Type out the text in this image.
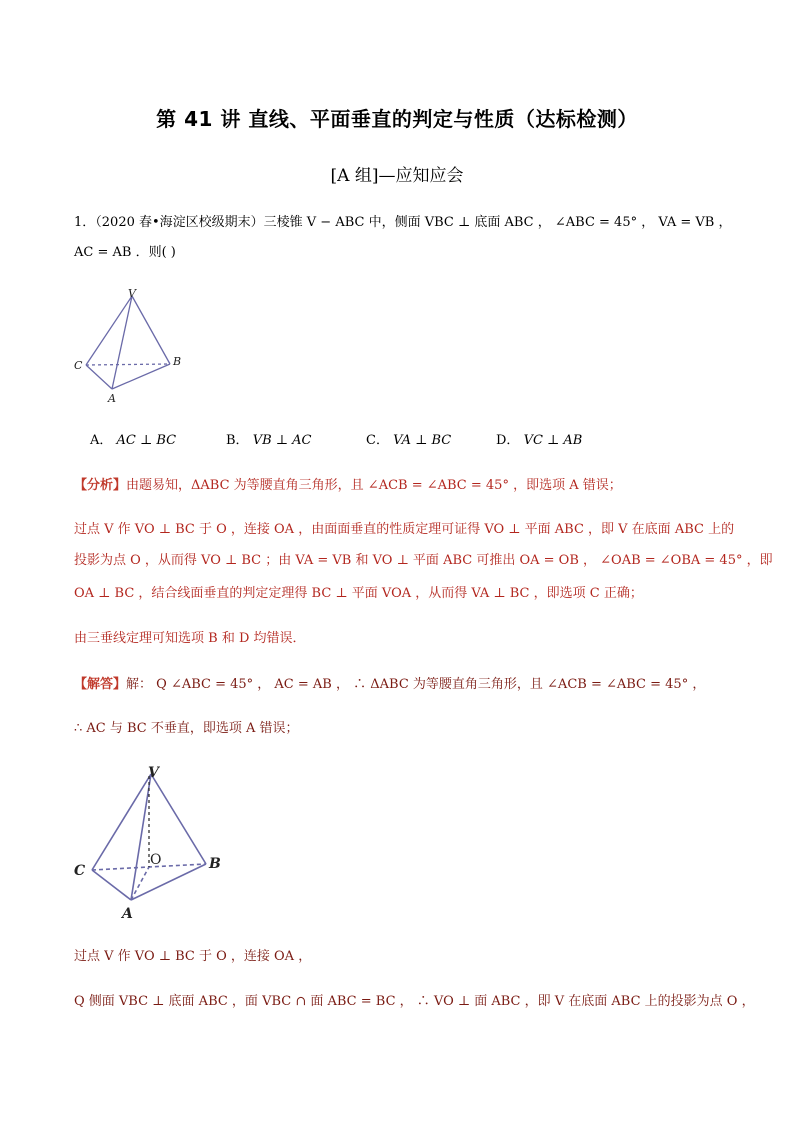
第 41 讲 直线、平面垂直的判定与性质（达标检测）
[A 组]—应知应会
1．（2020 春•海淀区校级期末）三棱锥 V − ABC 中，侧面 VBC ⊥ 底面 ABC ， ∠ABC = 45° ， VA = VB ，
AC = AB ．则( )
V
C	B
A
A． AC ⊥ BC	B． VB ⊥ AC	C． VA ⊥ BC	D． VC ⊥ AB
【分析】由题易知，ΔABC 为等腰直角三角形，且 ∠ACB = ∠ABC = 45° ，即选项 A 错误；
过点 V 作 VO ⊥ BC 于 O ，连接 OA ，由面面垂直的性质定理可证得 VO ⊥ 平面 ABC ，即 V 在底面 ABC 上的
投影为点 O ，从而得 VO ⊥ BC ；由 VA = VB 和 VO ⊥ 平面 ABC 可推出 OA = OB ， ∠OAB = ∠OBA = 45° ，即
OA ⊥ BC ，结合线面垂直的判定定理得 BC ⊥ 平面 VOA ，从而得 VA ⊥ BC ，即选项 C 正确；
由三垂线定理可知选项 B 和 D 均错误．
【解答】解： Q ∠ABC = 45° ， AC = AB ， ∴ ΔABC 为等腰直角三角形，且 ∠ACB = ∠ABC = 45° ，
∴ AC 与 BC 不垂直，即选项 A 错误；
V
C	B
A
O
过点 V 作 VO ⊥ BC 于 O ，连接 OA ，
Q 侧面 VBC ⊥ 底面 ABC ，面 VBC ∩ 面 ABC = BC ， ∴ VO ⊥ 面 ABC ，即 V 在底面 ABC 上的投影为点 O ，
